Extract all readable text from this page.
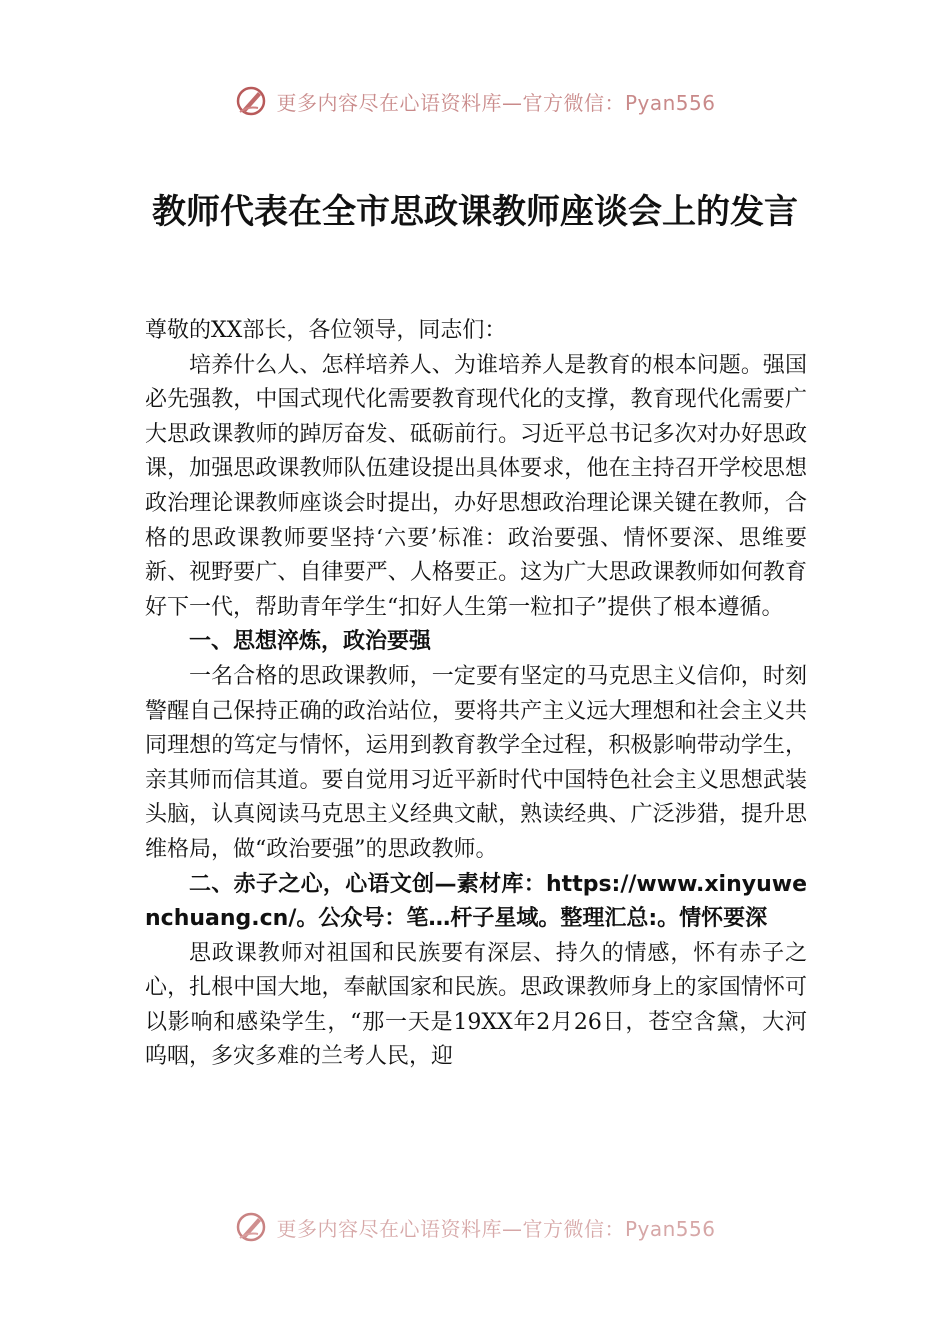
更多内容尽在心语资料库—官方微信：Pyan556
教师代表在全市思政课教师座谈会上的发言

尊敬的XX部长，各位领导，同志们：

培养什么人、怎样培养人、为谁培养人是教育的根本问题。强国必先强教，中国式现代化需要教育现代化的支撑，教育现代化需要广大思政课教师的踔厉奋发、砥砺前行。习近平总书记多次对办好思政课，加强思政课教师队伍建设提出具体要求，他在主持召开学校思想政治理论课教师座谈会时提出，办好思想政治理论课关键在教师，合格的思政课教师要坚持‘六要’标准：政治要强、情怀要深、思维要新、视野要广、自律要严、人格要正。这为广大思政课教师如何教育好下一代，帮助青年学生“扣好人生第一粒扣子”提供了根本遵循。

一、思想淬炼，政治要强

一名合格的思政课教师，一定要有坚定的马克思主义信仰，时刻警醒自己保持正确的政治站位，要将共产主义远大理想和社会主义共同理想的笃定与情怀，运用到教育教学全过程，积极影响带动学生，亲其师而信其道。要自觉用习近平新时代中国特色社会主义思想武装头脑，认真阅读马克思主义经典文献，熟读经典、广泛涉猎，提升思维格局，做“政治要强”的思政教师。

二、赤子之心，心语文创—素材库：https://www.xinyuwenchuang.cn/。公众号：笔…杆子星域。整理汇总:。情怀要深

思政课教师对祖国和民族要有深层、持久的情感，怀有赤子之心，扎根中国大地，奉献国家和民族。思政课教师身上的家国情怀可以影响和感染学生，“那一天是19XX年2月26日，苍空含黛，大河呜咽，多灾多难的兰考人民，迎

更多内容尽在心语资料库—官方微信：Pyan556
